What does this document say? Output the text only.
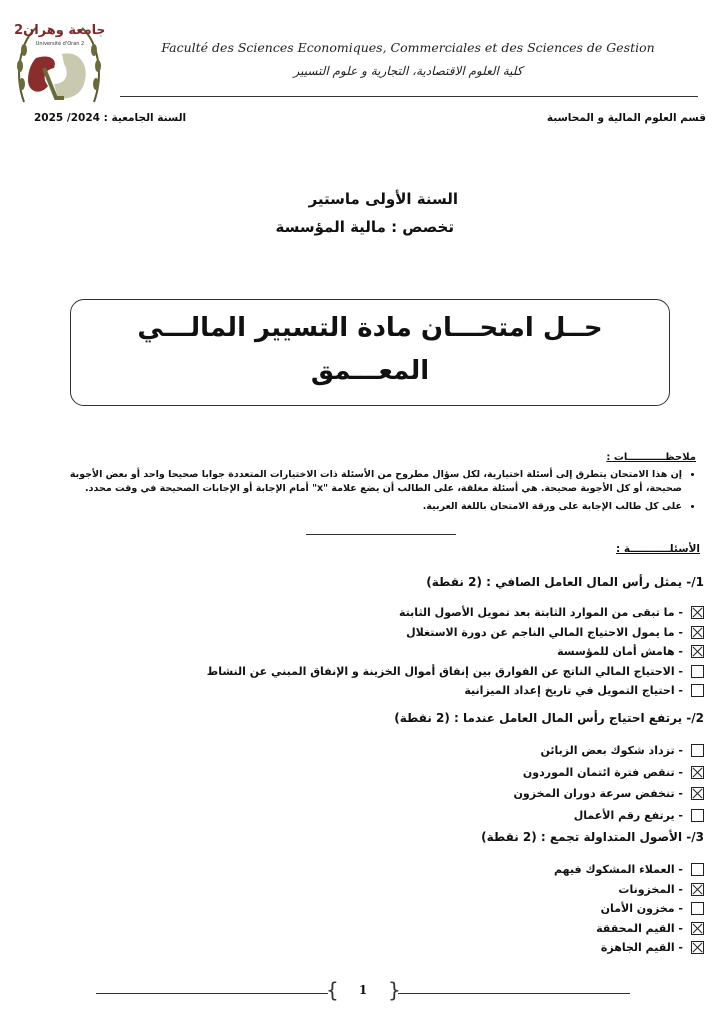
جامعة وهران2
Université d'Oran 2	Faculté des Sciences Economiques, Commerciales et des Sciences de Gestion
كلية العلوم الاقتصادية، التجارية و علوم التسيير
قسم العلوم المالية و المحاسبة
السنة الجامعية : 2024/ 2025
السنة الأولى ماستير
تخصص : مالية المؤسسة
حــل امتحـــان مادة التسيير المالـــي
المعـــمق
ملاحظـــــــــــات :
• إن هذا الامتحان يتطرق إلى أسئلة اختيارية، لكل سؤال مطروح من الأسئلة ذات الاختيارات المتعددة جوابا صحيحا واحد أو بعض الأجوبة صحيحة، أو كل الأجوبة صحيحة. هي أسئلة مغلقة، على الطالب أن يضع علامة "x" أمام الإجابة أو الإجابات الصحيحة في وقت محدد.
• على كل طالب الإجابة على ورقة الامتحان باللغة العربية.
الأسئلـــــــــــة :
1/- يمثل رأس المال العامل الصافي : (2 نقطة)
- ما تبقى من الموارد الثابتة بعد تمويل الأصول الثابتة
- ما يمول الاحتياج المالي الناجم عن دورة الاستغلال
- هامش أمان للمؤسسة
- الاحتياج المالي الناتج عن الفوارق بين إنفاق أموال الخزينة و الإنفاق المبني عن النشاط
- احتياج التمويل في تاريخ إعداد الميزانية
2/- يرتفع احتياج رأس المال العامل عندما : (2 نقطة)
- تزداد شكوك بعض الزبائن
- تنقص فترة ائتمان الموردون
- تنخفض سرعة دوران المخزون
- يرتفع رقم الأعمال
3/- الأصول المتداولة تجمع : (2 نقطة)
- العملاء المشكوك فيهم
- المخزونات
- مخزون الأمان
- القيم المحققة
- القيم الجاهزة
{	1	}
